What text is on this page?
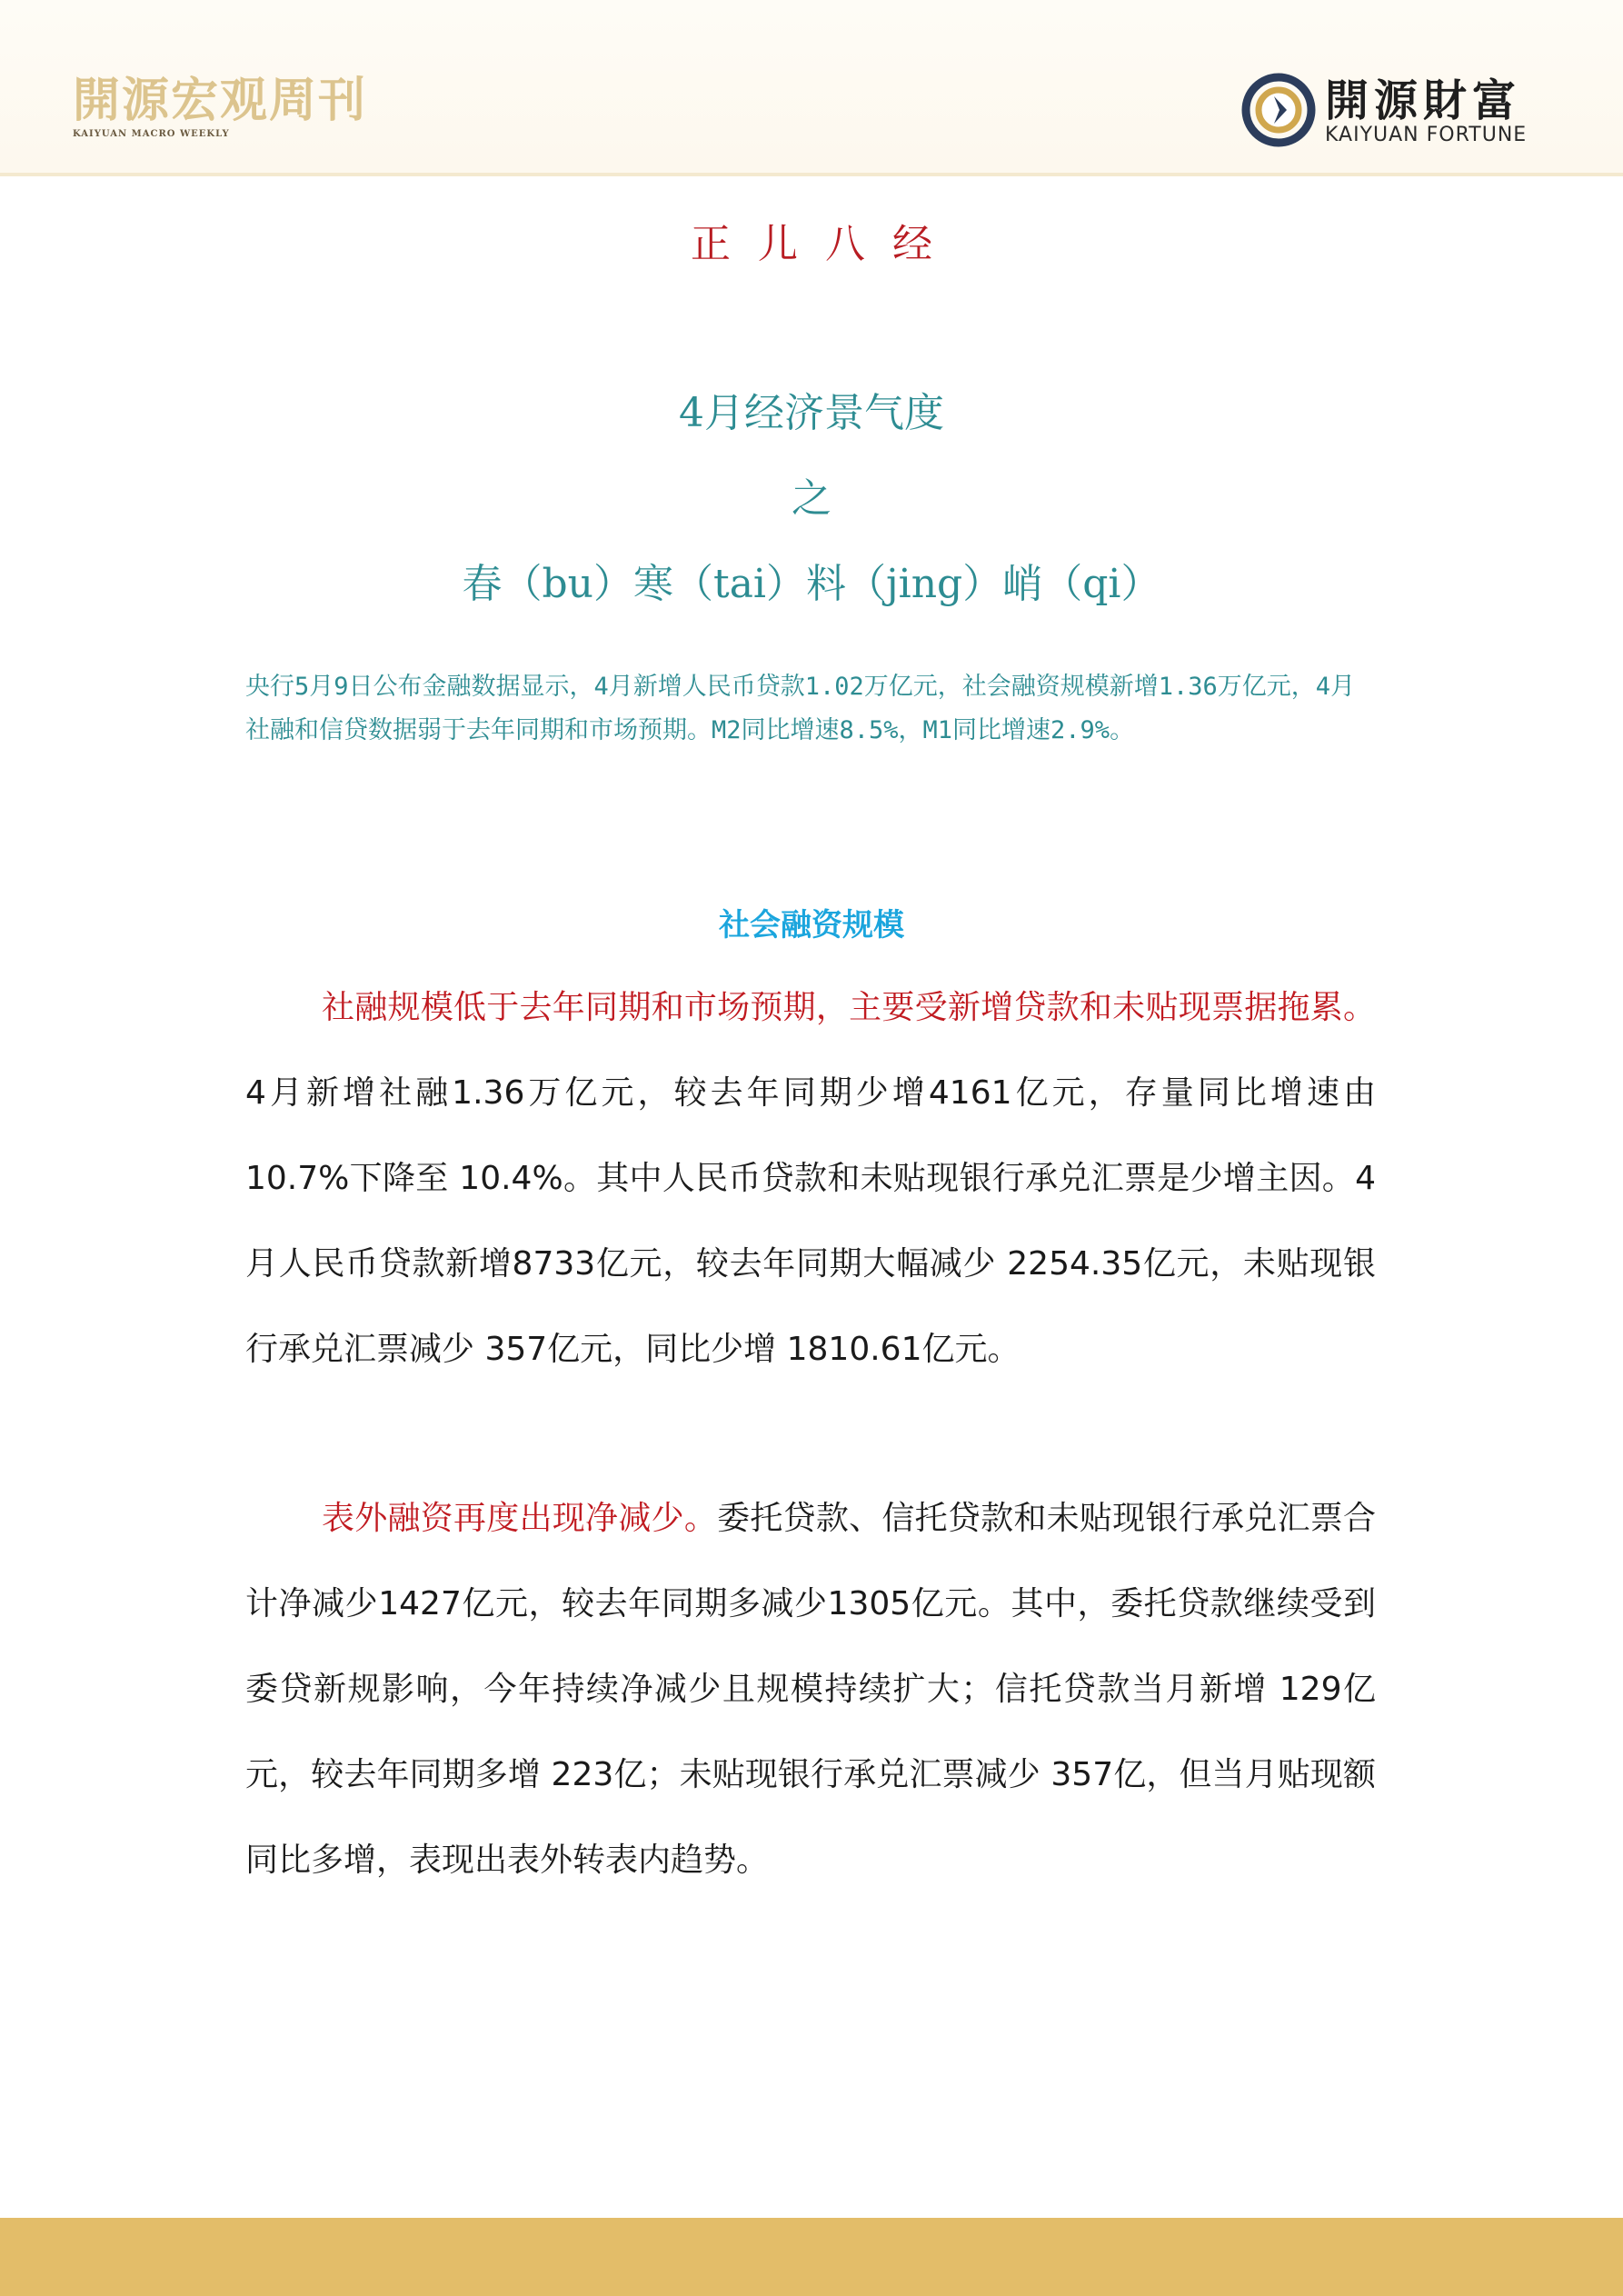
開源宏观周刊
KAIYUAN MACRO WEEKLY
開源財富
KAIYUAN FORTUNE
正儿八经
4月经济景气度
之
春（bu）寒（tai）料（jing）峭（qi）
央行5月9日公布金融数据显示，4月新增人民币贷款1.02万亿元，社会融资规模新增1.36万亿元，4月社融和信贷数据弱于去年同期和市场预期。M2同比增速8.5%，M1同比增速2.9%。
社会融资规模
社融规模低于去年同期和市场预期，主要受新增贷款和未贴现票据拖累。4月新增社融1.36万亿元，较去年同期少增4161亿元，存量同比增速由 10.7%下降至 10.4%。其中人民币贷款和未贴现银行承兑汇票是少增主因。4月人民币贷款新增8733亿元，较去年同期大幅减少 2254.35亿元，未贴现银行承兑汇票减少 357亿元，同比少增 1810.61亿元。
表外融资再度出现净减少。委托贷款、信托贷款和未贴现银行承兑汇票合计净减少1427亿元，较去年同期多减少1305亿元。其中，委托贷款继续受到委贷新规影响，今年持续净减少且规模持续扩大；信托贷款当月新增 129亿元，较去年同期多增 223亿；未贴现银行承兑汇票减少 357亿，但当月贴现额同比多增，表现出表外转表内趋势。
